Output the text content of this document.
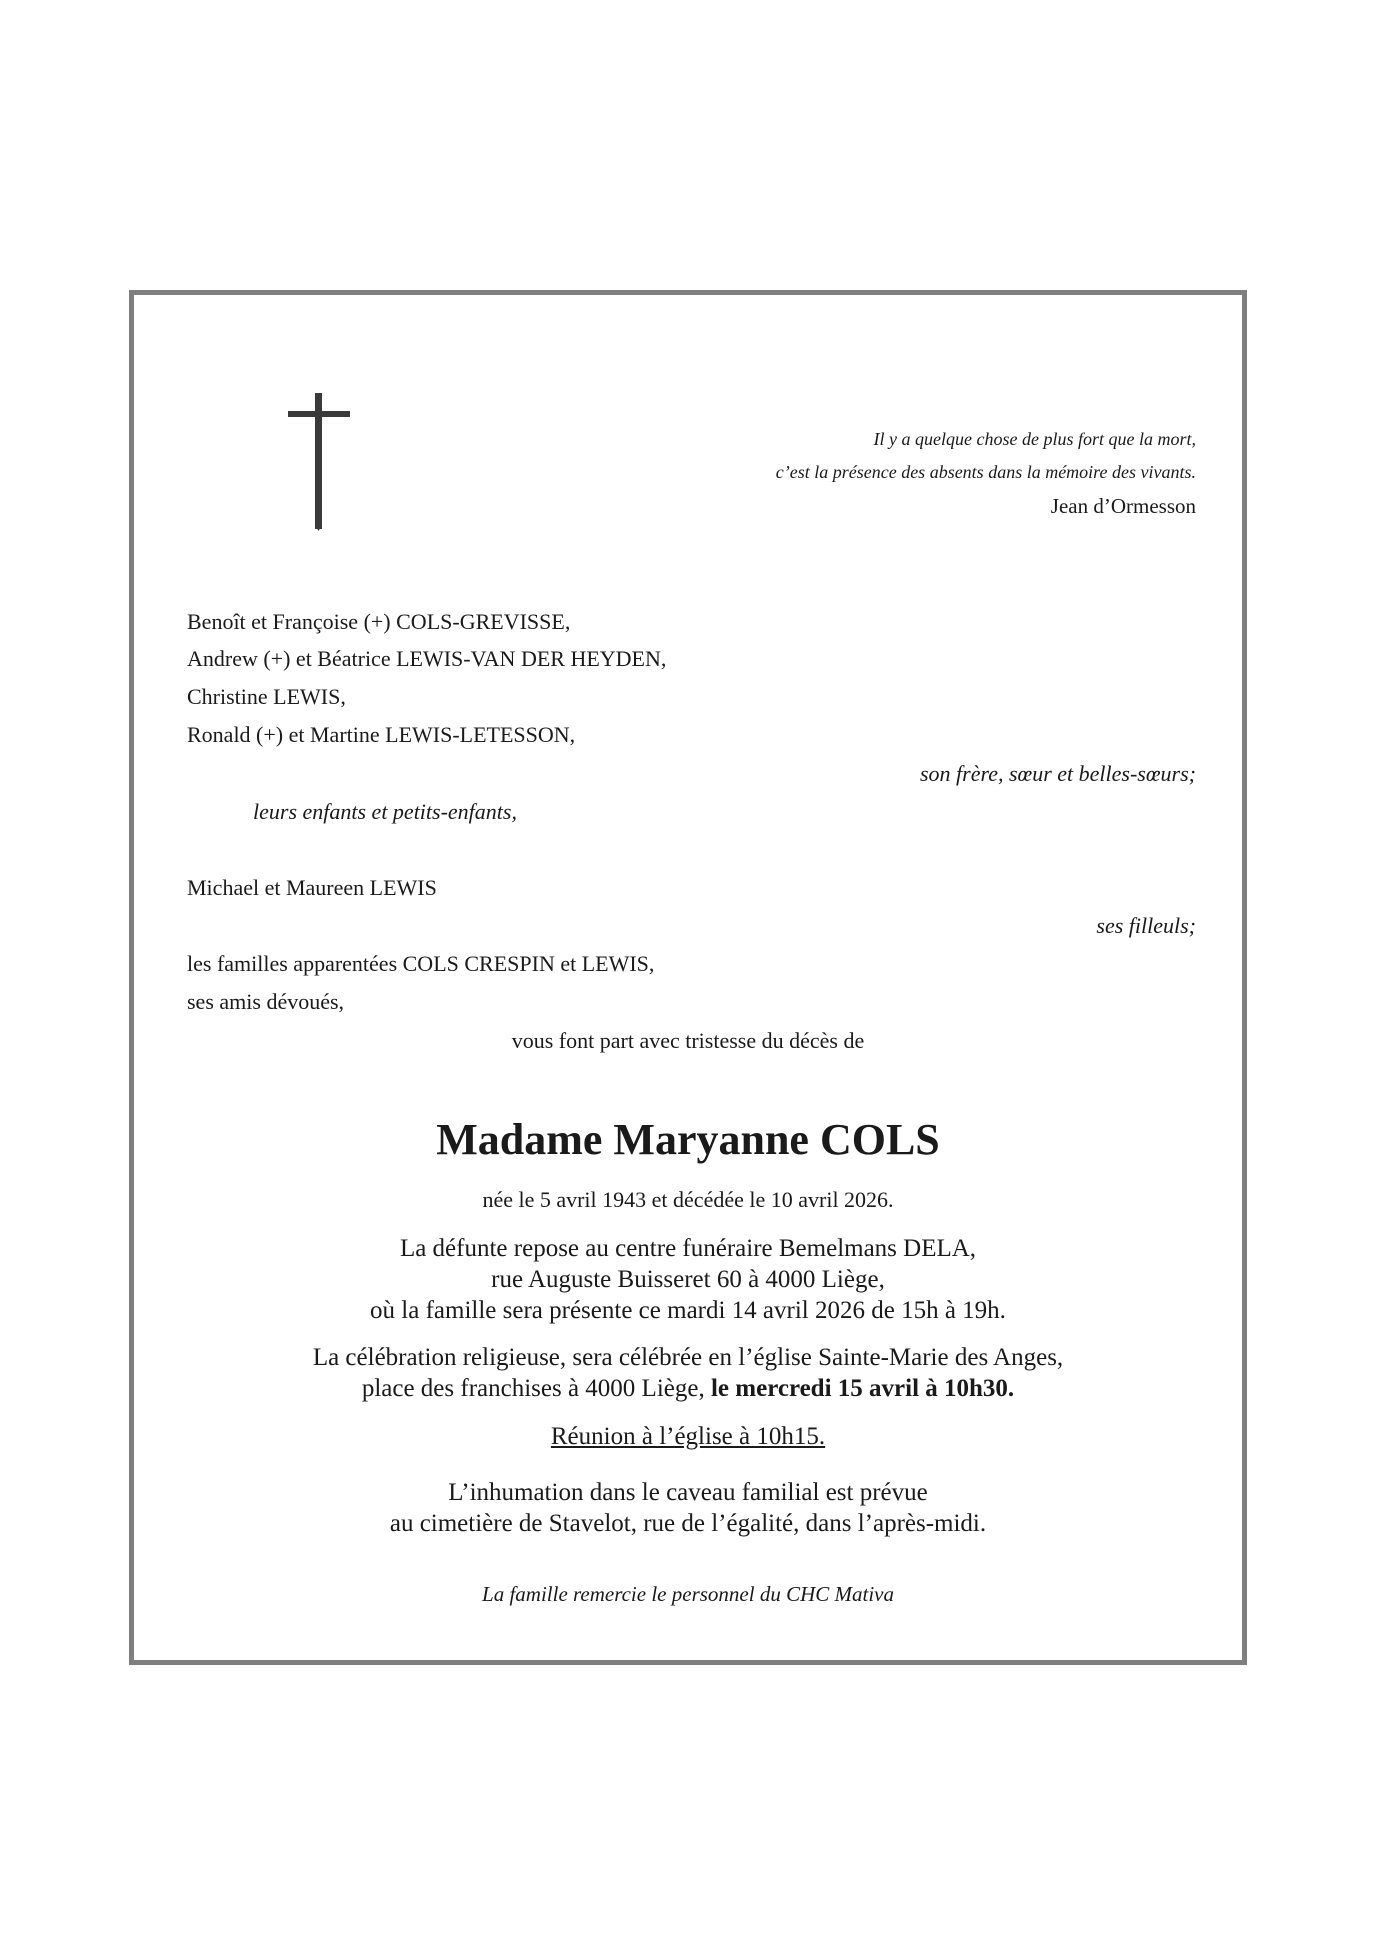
Il y a quelque chose de plus fort que la mort,
c’est la présence des absents dans la mémoire des vivants.
Jean d’Ormesson
Benoît et Françoise (+) COLS-GREVISSE,
Andrew (+) et Béatrice LEWIS-VAN DER HEYDEN,
Christine LEWIS,
Ronald (+) et Martine LEWIS-LETESSON,
son frère, sœur et belles-sœurs;
leurs enfants et petits-enfants,
Michael et Maureen LEWIS
ses filleuls;
les familles apparentées COLS CRESPIN et LEWIS,
ses amis dévoués,
vous font part avec tristesse du décès de
Madame Maryanne COLS
née le 5 avril 1943 et décédée le 10 avril 2026.
La défunte repose au centre funéraire Bemelmans DELA,
rue Auguste Buisseret 60 à 4000 Liège,
où la famille sera présente ce mardi 14 avril 2026 de 15h à 19h.
La célébration religieuse, sera célébrée en l’église Sainte-Marie des Anges,
place des franchises à 4000 Liège, le mercredi 15 avril à 10h30.
Réunion à l’église à 10h15.
L’inhumation dans le caveau familial est prévue
au cimetière de Stavelot, rue de l’égalité, dans l’après-midi.
La famille remercie le personnel du CHC Mativa
